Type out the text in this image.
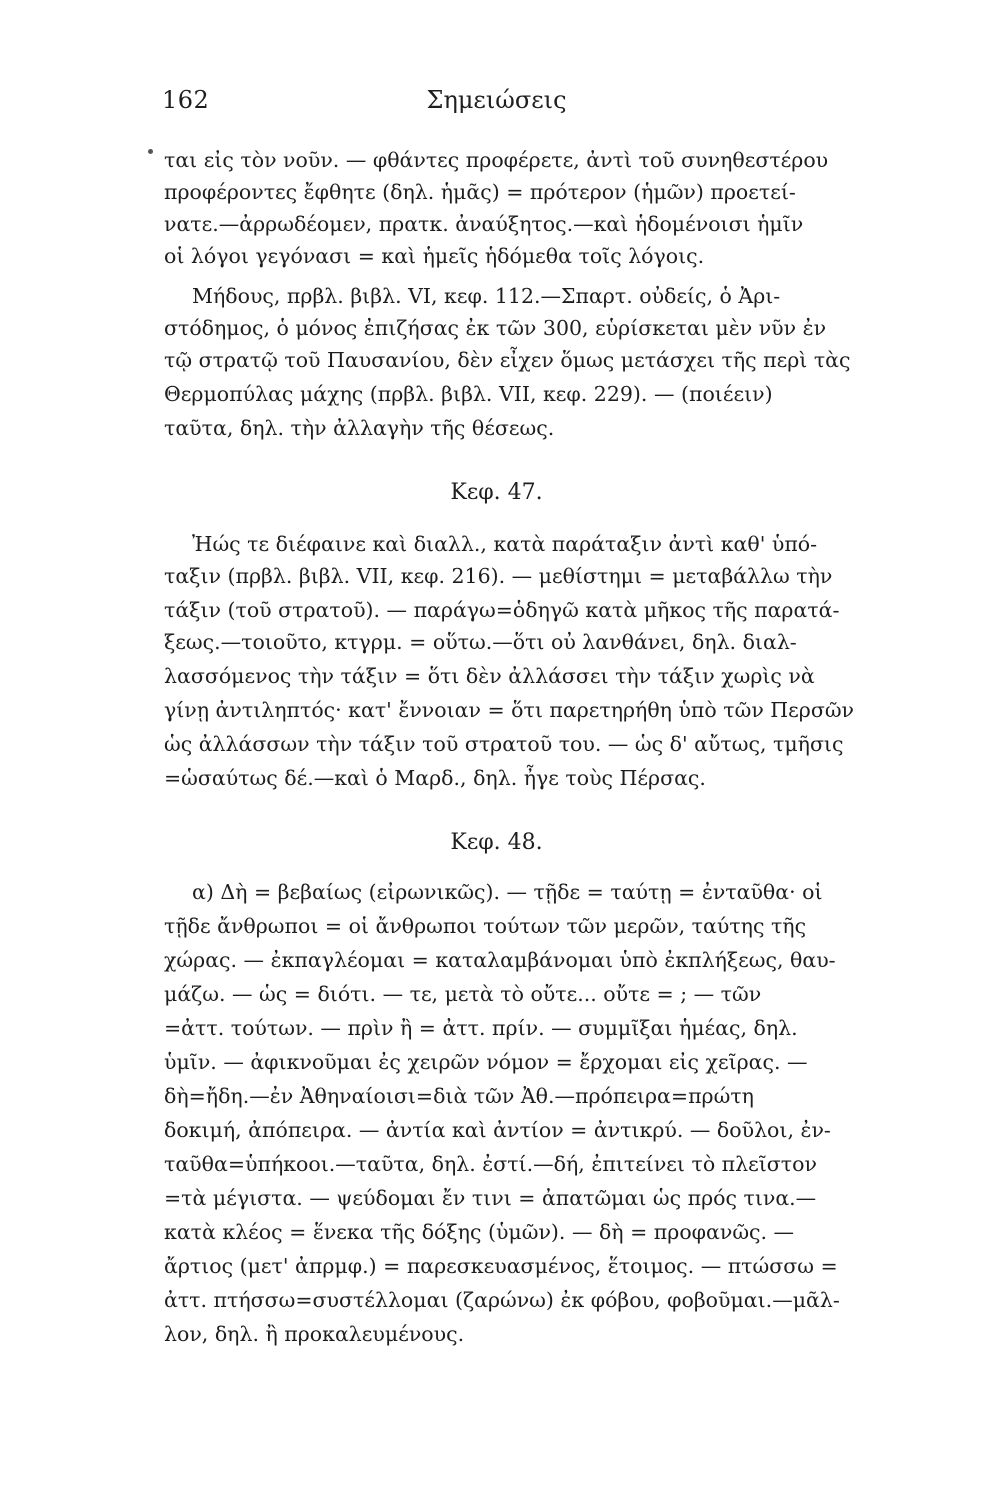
162	Σημειώσεις
ται εἰς τὸν νοῦν. — φθάντες προφέρετε, ἀντὶ τοῦ συνηθεστέρου
προφέροντες ἔφθητε (δηλ. ἡμᾶς) = πρότερον (ἡμῶν) προετεί-
νατε.—ἀρρωδέομεν, πρατκ. ἀναύξητος.—καὶ ἡδομένοισι ἡμῖν
οἱ λόγοι γεγόνασι = καὶ ἡμεῖς ἡδόμεθα τοῖς λόγοις.
Μήδους, πρβλ. βιβλ. VI, κεφ. 112.—Σπαρτ. οὐδείς, ὁ Ἀρι-
στόδημος, ὁ μόνος ἐπιζήσας ἐκ τῶν 300, εὑρίσκεται μὲν νῦν ἐν
τῷ στρατῷ τοῦ Παυσανίου, δὲν εἶχεν ὅμως μετάσχει τῆς περὶ τὰς
Θερμοπύλας μάχης (πρβλ. βιβλ. VII, κεφ. 229). — (ποιέειν)
ταῦτα, δηλ. τὴν ἀλλαγὴν τῆς θέσεως.
Κεφ. 47.
Ἠώς τε διέφαινε καὶ διαλλ., κατὰ παράταξιν ἀντὶ καθ' ὑπό-
ταξιν (πρβλ. βιβλ. VII, κεφ. 216). — μεθίστημι = μεταβάλλω τὴν
τάξιν (τοῦ στρατοῦ). — παράγω=ὁδηγῶ κατὰ μῆκος τῆς παρατά-
ξεως.—τοιοῦτο, κτγρμ. = οὕτω.—ὅτι οὐ λανθάνει, δηλ. διαλ-
λασσόμενος τὴν τάξιν = ὅτι δὲν ἀλλάσσει τὴν τάξιν χωρὶς νὰ
γίνῃ ἀντιληπτός· κατ' ἔννοιαν = ὅτι παρετηρήθη ὑπὸ τῶν Περσῶν
ὡς ἀλλάσσων τὴν τάξιν τοῦ στρατοῦ του. — ὡς δ' αὔτως, τμῆσις
=ὡσαύτως δέ.—καὶ ὁ Μαρδ., δηλ. ἦγε τοὺς Πέρσας.
Κεφ. 48.
α) Δὴ = βεβαίως (εἰρωνικῶς). — τῇδε = ταύτῃ = ἐνταῦθα· οἱ
τῇδε ἄνθρωποι = οἱ ἄνθρωποι τούτων τῶν μερῶν, ταύτης τῆς
χώρας. — ἐκπαγλέομαι = καταλαμβάνομαι ὑπὸ ἐκπλήξεως, θαυ-
μάζω. — ὡς = διότι. — τε, μετὰ τὸ οὔτε... οὔτε = ; — τῶν
=ἀττ. τούτων. — πρὶν ἢ = ἀττ. πρίν. — συμμῖξαι ἡμέας, δηλ.
ὑμῖν. — ἀφικνοῦμαι ἐς χειρῶν νόμον = ἔρχομαι εἰς χεῖρας. —
δὴ=ἤδη.—ἐν Ἀθηναίοισι=διὰ τῶν Ἀθ.—πρόπειρα=πρώτη
δοκιμή, ἀπόπειρα. — ἀντία καὶ ἀντίον = ἀντικρύ. — δοῦλοι, ἐν-
ταῦθα=ὑπήκοοι.—ταῦτα, δηλ. ἐστί.—δή, ἐπιτείνει τὸ πλεῖστον
=τὰ μέγιστα. — ψεύδομαι ἔν τινι = ἀπατῶμαι ὡς πρός τινα.—
κατὰ κλέος = ἕνεκα τῆς δόξης (ὑμῶν). — δὴ = προφανῶς. —
ἄρτιος (μετ' ἀπρμφ.) = παρεσκευασμένος, ἕτοιμος. — πτώσσω =
ἀττ. πτήσσω=συστέλλομαι (ζαρώνω) ἐκ φόβου, φοβοῦμαι.—μᾶλ-
λον, δηλ. ἢ προκαλευμένους.
